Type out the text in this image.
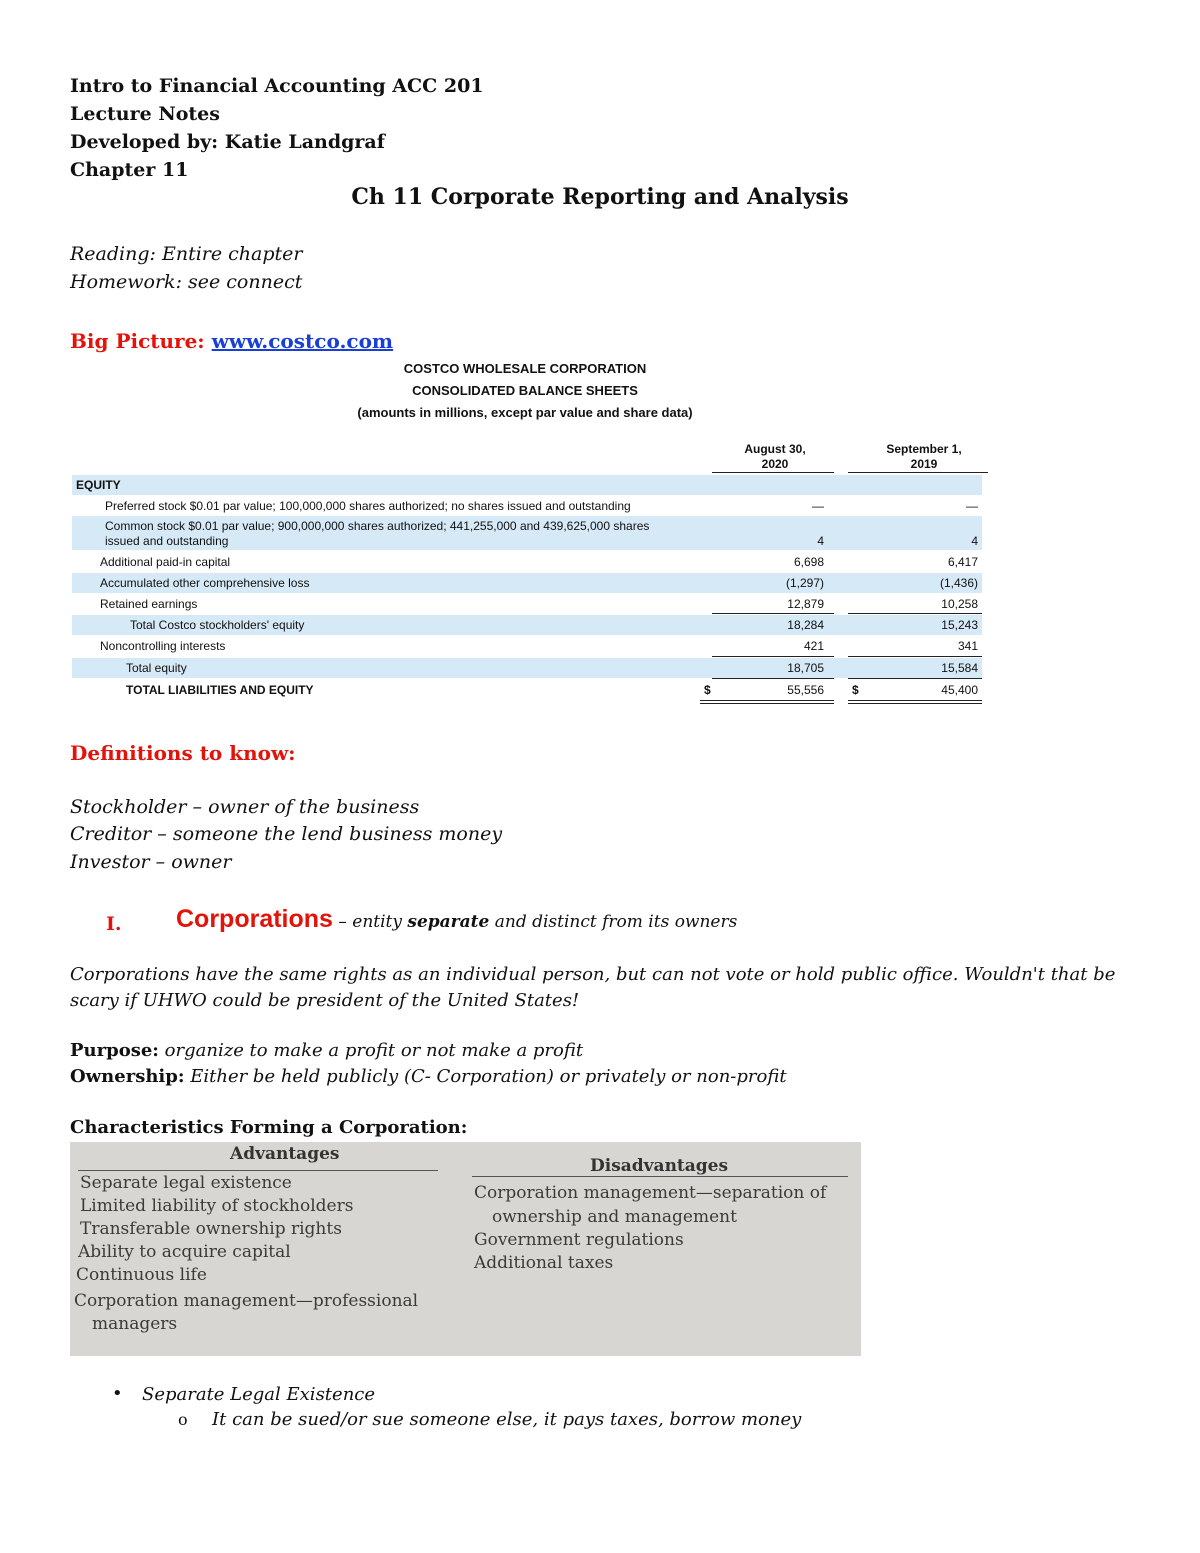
Intro to Financial Accounting ACC 201
Lecture Notes
Developed by: Katie Landgraf
Chapter 11
Ch 11 Corporate Reporting and Analysis
Reading: Entire chapter
Homework: see connect
Big Picture: www.costco.com
COSTCO WHOLESALE CORPORATION
CONSOLIDATED BALANCE SHEETS
(amounts in millions, except par value and share data)
August 30,
2020
September 1,
2019
EQUITY
Preferred stock $0.01 par value; 100,000,000 shares authorized; no shares issued and outstanding	—	—
Common stock $0.01 par value; 900,000,000 shares authorized; 441,255,000 and 439,625,000 shares
issued and outstanding	4	4
Additional paid-in capital	6,698	6,417
Accumulated other comprehensive loss	(1,297)	(1,436)
Retained earnings	12,879	10,258
Total Costco stockholders' equity	18,284	15,243
Noncontrolling interests	421	341
Total equity	18,705	15,584
TOTAL LIABILITIES AND EQUITY	$	55,556 $	45,400
Definitions to know:
Stockholder – owner of the business
Creditor – someone the lend business money
Investor – owner
I. Corporations – entity separate and distinct from its owners
Corporations have the same rights as an individual person, but can not vote or hold public office. Wouldn't that be scary if UHWO could be president of the United States!
Purpose: organize to make a profit or not make a profit
Ownership: Either be held publicly (C- Corporation) or privately or non-profit
Characteristics Forming a Corporation:
Advantages
Disadvantages
Separate legal existence
Limited liability of stockholders
Transferable ownership rights
Ability to acquire capital
Continuous life
Corporation management—professional
managers
Corporation management—separation of
ownership and management
Government regulations
Additional taxes
• Separate Legal Existence
o It can be sued/or sue someone else, it pays taxes, borrow money
